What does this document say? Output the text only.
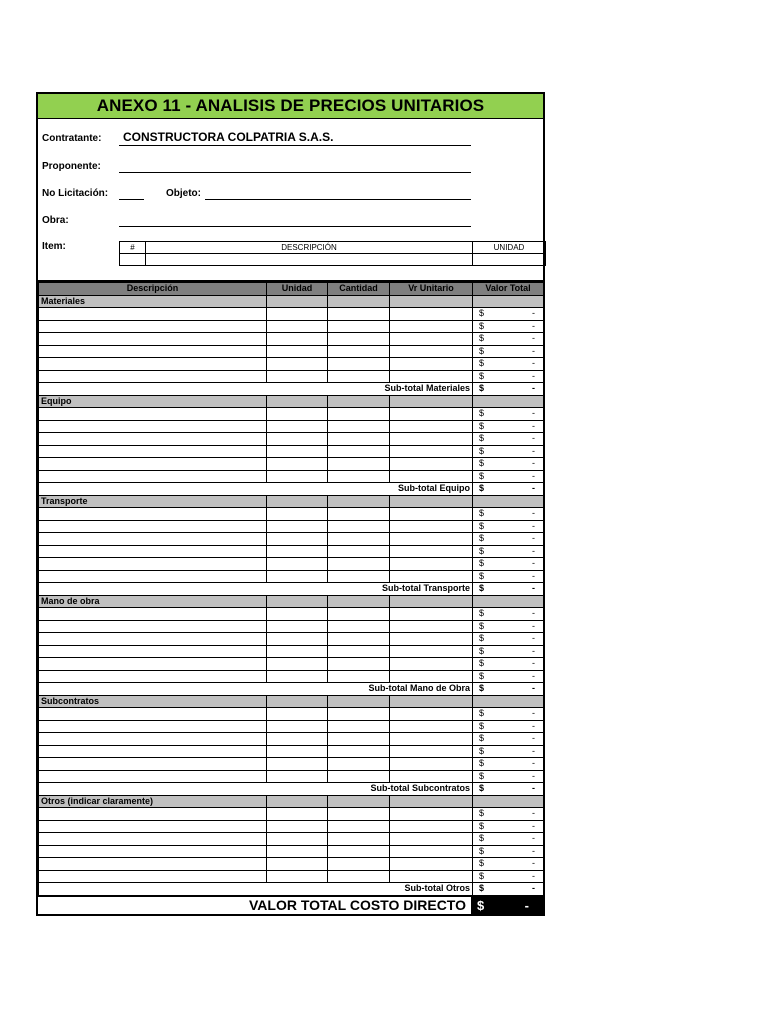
ANEXO 11 - ANALISIS DE PRECIOS UNITARIOS
Contratante: CONSTRUCTORA COLPATRIA S.A.S.
Proponente:
No Licitación:	Objeto:
Obra:
Item:	#	DESCRIPCIÓN	UNIDAD

Descripción	Unidad	Cantidad	Vr Unitario	Valor Total
Materiales				

				$ -

				$ -

				$ -

				$ -

				$ -

				$ -

Sub-total Materiales				$ -

Equipo				

				$ -

				$ -

				$ -

				$ -

				$ -

				$ -

Sub-total Equipo				$ -

Transporte				

				$ -

				$ -

				$ -

				$ -

				$ -

				$ -

Sub-total Transporte				$ -

Mano de obra				

				$ -

				$ -

				$ -

				$ -

				$ -

				$ -

Sub-total Mano de Obra				$ -

Subcontratos				

				$ -

				$ -

				$ -

				$ -

				$ -

				$ -

Sub-total Subcontratos				$ -

Otros (indicar claramente)				

				$ -

				$ -

				$ -

				$ -

				$ -

				$ -

Sub-total Otros				$ -
VALOR TOTAL COSTO DIRECTO $	-
